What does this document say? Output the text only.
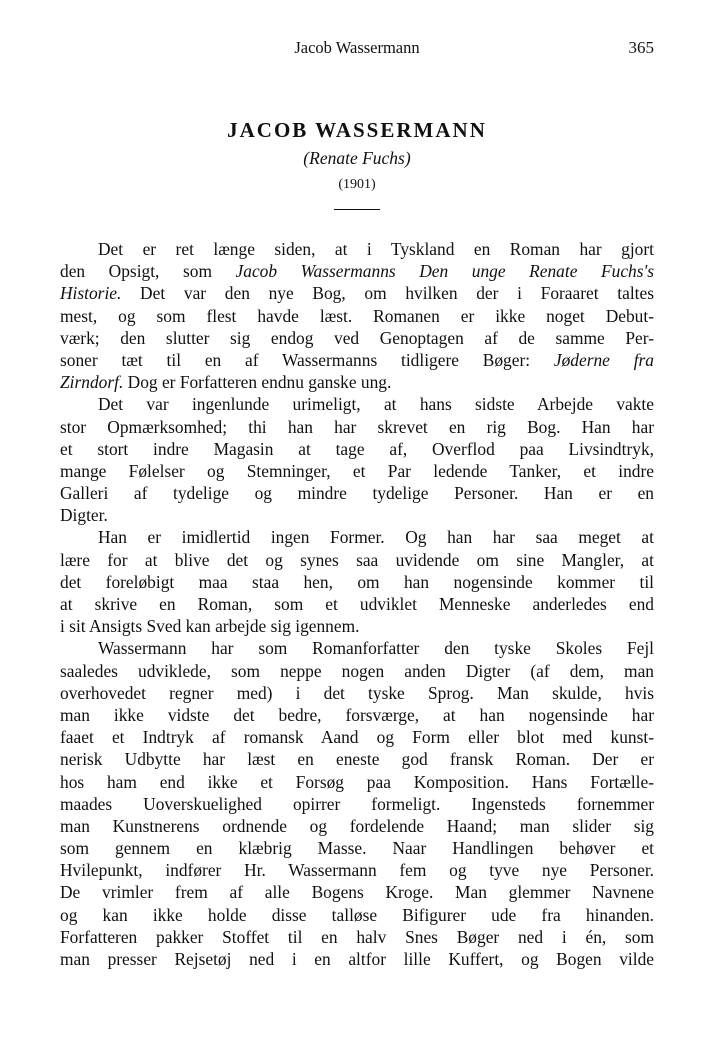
Jacob Wassermann	365
JACOB WASSERMANN
(Renate Fuchs)
(1901)
Det er ret længe siden, at i Tyskland en Roman har gjort
den Opsigt, som Jacob Wassermanns Den unge Renate Fuchs's
Historie. Det var den nye Bog, om hvilken der i Foraaret taltes
mest, og som flest havde læst. Romanen er ikke noget Debut-
værk; den slutter sig endog ved Genoptagen af de samme Per-
soner tæt til en af Wassermanns tidligere Bøger: Jøderne fra
Zirndorf. Dog er Forfatteren endnu ganske ung.
Det var ingenlunde urimeligt, at hans sidste Arbejde vakte
stor Opmærksomhed; thi han har skrevet en rig Bog. Han har
et stort indre Magasin at tage af, Overflod paa Livsindtryk,
mange Følelser og Stemninger, et Par ledende Tanker, et indre
Galleri af tydelige og mindre tydelige Personer. Han er en
Digter.
Han er imidlertid ingen Former. Og han har saa meget at
lære for at blive det og synes saa uvidende om sine Mangler, at
det foreløbigt maa staa hen, om han nogensinde kommer til
at skrive en Roman, som et udviklet Menneske anderledes end
i sit Ansigts Sved kan arbejde sig igennem.
Wassermann har som Romanforfatter den tyske Skoles Fejl
saaledes udviklede, som neppe nogen anden Digter (af dem, man
overhovedet regner med) i det tyske Sprog. Man skulde, hvis
man ikke vidste det bedre, forsværge, at han nogensinde har
faaet et Indtryk af romansk Aand og Form eller blot med kunst-
nerisk Udbytte har læst en eneste god fransk Roman. Der er
hos ham end ikke et Forsøg paa Komposition. Hans Fortælle-
maades Uoverskuelighed opirrer formeligt. Ingensteds fornemmer
man Kunstnerens ordnende og fordelende Haand; man slider sig
som gennem en klæbrig Masse. Naar Handlingen behøver et
Hvilepunkt, indfører Hr. Wassermann fem og tyve nye Personer.
De vrimler frem af alle Bogens Kroge. Man glemmer Navnene
og kan ikke holde disse talløse Bifigurer ude fra hinanden.
Forfatteren pakker Stoffet til en halv Snes Bøger ned i én, som
man presser Rejsetøj ned i en altfor lille Kuffert, og Bogen vilde
